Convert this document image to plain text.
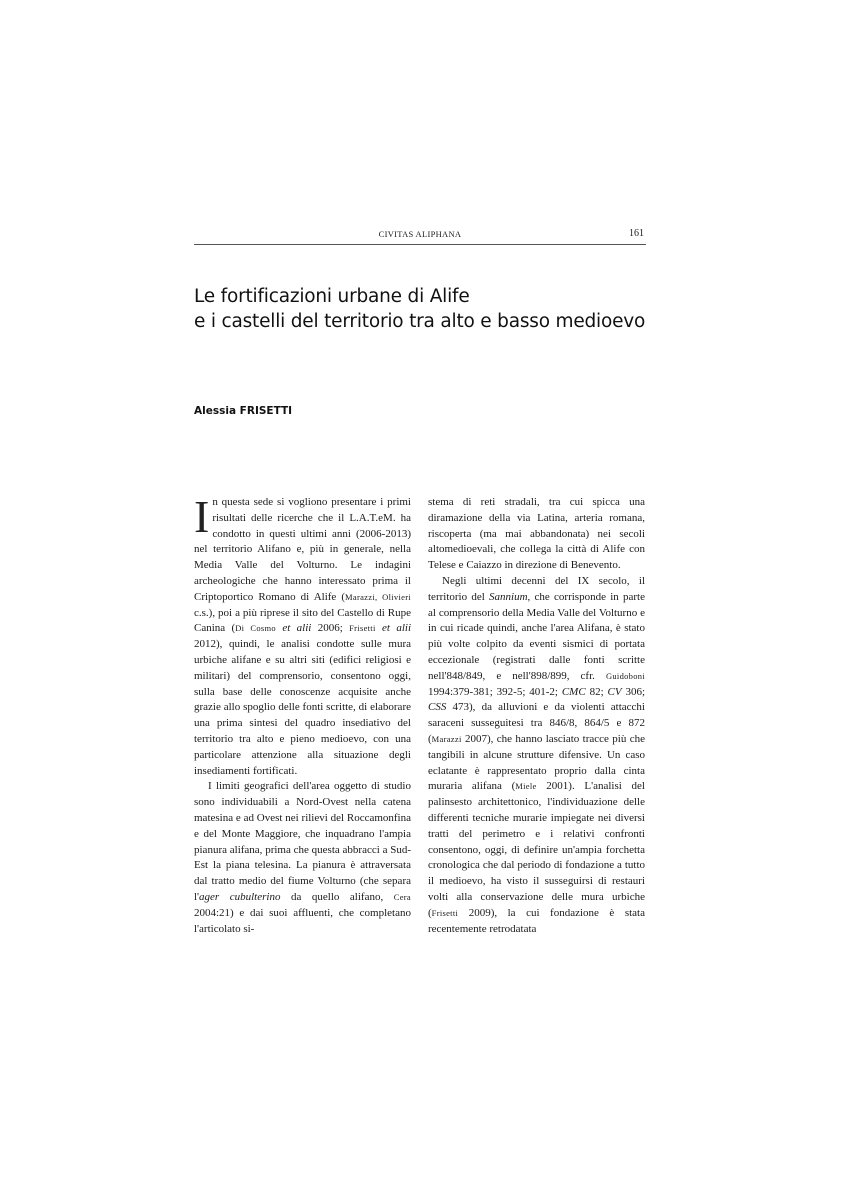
CIVITAS ALIPHANA	161
Le fortificazioni urbane di Alife
e i castelli del territorio tra alto e basso medioevo
Alessia FRISETTI

In questa sede si vogliono presentare i primi risultati delle ricerche che il L.A.T.eM. ha condotto in questi ultimi anni (2006-2013) nel territorio Alifano e, più in generale, nella Media Valle del Volturno. Le indagini archeologiche che hanno interessato prima il Criptoportico Romano di Alife (Marazzi, Olivieri c.s.), poi a più riprese il sito del Castello di Rupe Canina (Di Cosmo et alii 2006; Frisetti et alii 2012), quindi, le analisi condotte sulle mura urbiche alifane e su altri siti (edifici religiosi e militari) del comprensorio, consentono oggi, sulla base delle conoscenze acquisite anche grazie allo spoglio delle fonti scritte, di elaborare una prima sintesi del quadro insediativo del territorio tra alto e pieno medioevo, con una particolare attenzione alla situazione degli insediamenti fortificati.

I limiti geografici dell'area oggetto di studio sono individuabili a Nord-Ovest nella catena matesina e ad Ovest nei rilievi del Roccamonfina e del Monte Maggiore, che inquadrano l'ampia pianura alifana, prima che questa abbracci a Sud-Est la piana telesina. La pianura è attraversata dal tratto medio del fiume Volturno (che separa l'ager cubulterino da quello alifano, Cera 2004:21) e dai suoi affluenti, che completano l'articolato si-

stema di reti stradali, tra cui spicca una diramazione della via Latina, arteria romana, riscoperta (ma mai abbandonata) nei secoli altomedioevali, che collega la città di Alife con Telese e Caiazzo in direzione di Benevento.

Negli ultimi decenni del IX secolo, il territorio del Sannium, che corrisponde in parte al comprensorio della Media Valle del Volturno e in cui ricade quindi, anche l'area Alifana, è stato più volte colpito da eventi sismici di portata eccezionale (registrati dalle fonti scritte nell'848/849, e nell'898/899, cfr. Guidoboni 1994:379-381; 392-5; 401-2; CMC 82; CV 306; CSS 473), da alluvioni e da violenti attacchi saraceni susseguitesi tra 846/8, 864/5 e 872 (Marazzi 2007), che hanno lasciato tracce più che tangibili in alcune strutture difensive. Un caso eclatante è rappresentato proprio dalla cinta muraria alifana (Miele 2001). L'analisi del palinsesto architettonico, l'individuazione delle differenti tecniche murarie impiegate nei diversi tratti del perimetro e i relativi confronti consentono, oggi, di definire un'ampia forchetta cronologica che dal periodo di fondazione a tutto il medioevo, ha visto il susseguirsi di restauri volti alla conservazione delle mura urbiche (Frisetti 2009), la cui fondazione è stata recentemente retrodatata
